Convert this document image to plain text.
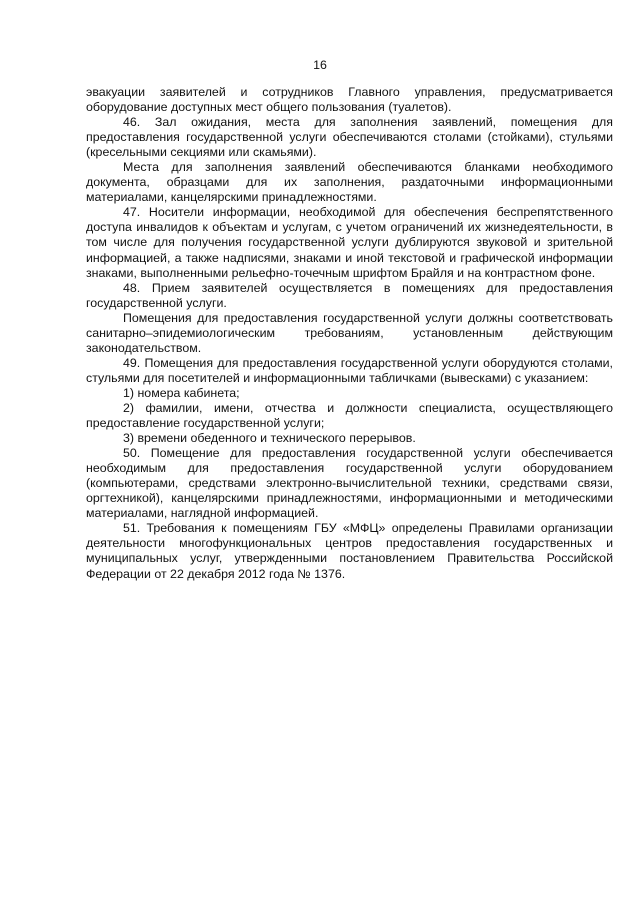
16

эвакуации заявителей и сотрудников Главного управления, предусматривается оборудование доступных мест общего пользования (туалетов).

46. Зал ожидания, места для заполнения заявлений, помещения для предоставления государственной услуги обеспечиваются столами (стойками), стульями (кресельными секциями или скамьями).

Места для заполнения заявлений обеспечиваются бланками необходимого документа, образцами для их заполнения, раздаточными информационными материалами, канцелярскими принадлежностями.

47. Носители информации, необходимой для обеспечения беспрепятственного доступа инвалидов к объектам и услугам, с учетом ограничений их жизнедеятельности, в том числе для получения государственной услуги дублируются звуковой и зрительной информацией, а также надписями, знаками и иной текстовой и графической информации знаками, выполненными рельефно-точечным шрифтом Брайля и на контрастном фоне.

48. Прием заявителей осуществляется в помещениях для предоставления государственной услуги.

Помещения для предоставления государственной услуги должны соответствовать санитарно–эпидемиологическим требованиям, установленным действующим законодательством.

49. Помещения для предоставления государственной услуги оборудуются столами, стульями для посетителей и информационными табличками (вывесками) с указанием:

1) номера кабинета;

2) фамилии, имени, отчества и должности специалиста, осуществляющего предоставление государственной услуги;

3) времени обеденного и технического перерывов.

50. Помещение для предоставления государственной услуги обеспечивается необходимым для предоставления государственной услуги оборудованием (компьютерами, средствами электронно-вычислительной техники, средствами связи, оргтехникой), канцелярскими принадлежностями, информационными и методическими материалами, наглядной информацией.

51. Требования к помещениям ГБУ «МФЦ» определены Правилами организации деятельности многофункциональных центров предоставления государственных и муниципальных услуг, утвержденными постановлением Правительства Российской Федерации от 22 декабря 2012 года № 1376.
